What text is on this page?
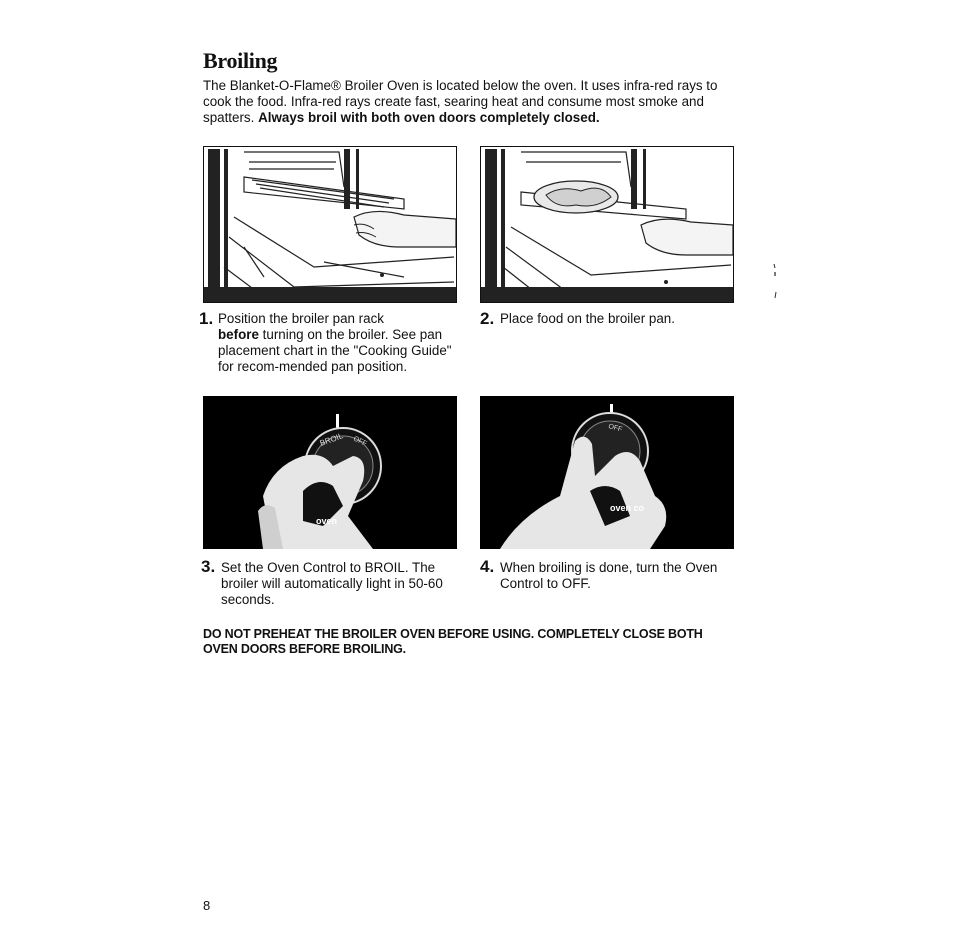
Broiling

The Blanket-O-Flame® Broiler Oven is located below the oven. It uses infra-red rays to cook the food. Infra-red rays create fast, searing heat and consume most smoke and spatters. Always broil with both oven doors completely closed.

BROIL OFF
oven
OFF
oven co
1. Position the broiler pan rack
before turning on the broiler. See pan placement chart in the "Cooking Guide" for recom-mended pan position.
2. Place food on the broiler pan.
3. Set the Oven Control to BROIL. The broiler will automatically light in 50-60 seconds.
4. When broiling is done, turn the Oven Control to OFF.

DO NOT PREHEAT THE BROILER OVEN BEFORE USING. COMPLETELY CLOSE BOTH OVEN DOORS BEFORE BROILING.

8
